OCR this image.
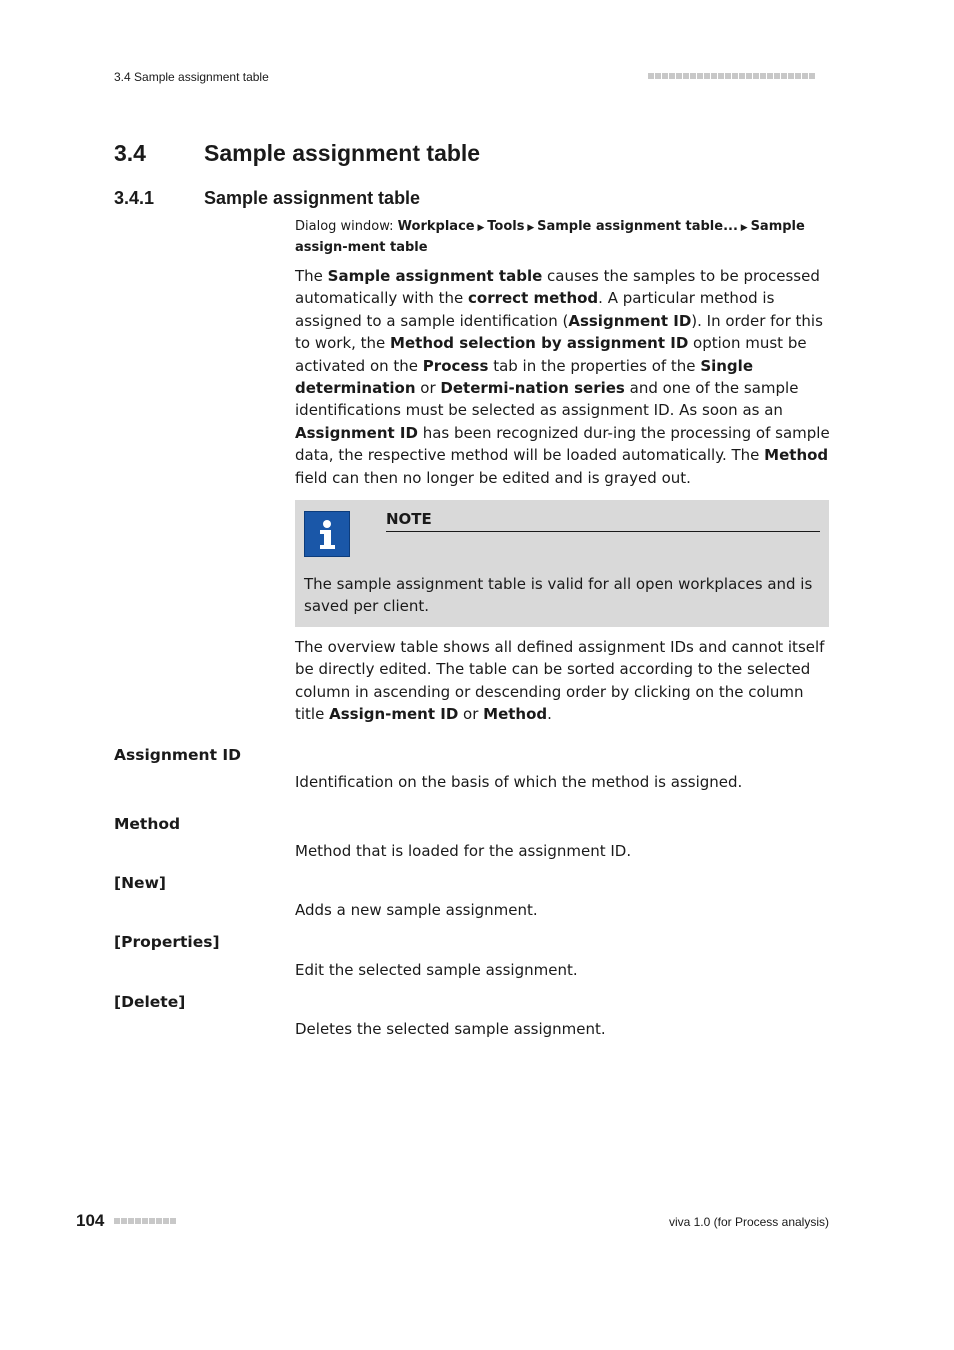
3.4 Sample assignment table
3.4	Sample assignment table
3.4.1	Sample assignment table
Dialog window: Workplace ▶ Tools ▶ Sample assignment table... ▶ Sample assign-ment table
The Sample assignment table causes the samples to be processed automatically with the correct method. A particular method is assigned to a sample identification (Assignment ID). In order for this to work, the Method selection by assignment ID option must be activated on the Process tab in the properties of the Single determination or Determi-nation series and one of the sample identifications must be selected as assignment ID. As soon as an Assignment ID has been recognized dur-ing the processing of sample data, the respective method will be loaded automatically. The Method field can then no longer be edited and is grayed out.
NOTE
The sample assignment table is valid for all open workplaces and is saved per client.
The overview table shows all defined assignment IDs and cannot itself be directly edited. The table can be sorted according to the selected column in ascending or descending order by clicking on the column title Assign-ment ID or Method.
Assignment ID
Identification on the basis of which the method is assigned.
Method
Method that is loaded for the assignment ID.
[New]
Adds a new sample assignment.
[Properties]
Edit the selected sample assignment.
[Delete]
Deletes the selected sample assignment.
104	viva 1.0 (for Process analysis)
